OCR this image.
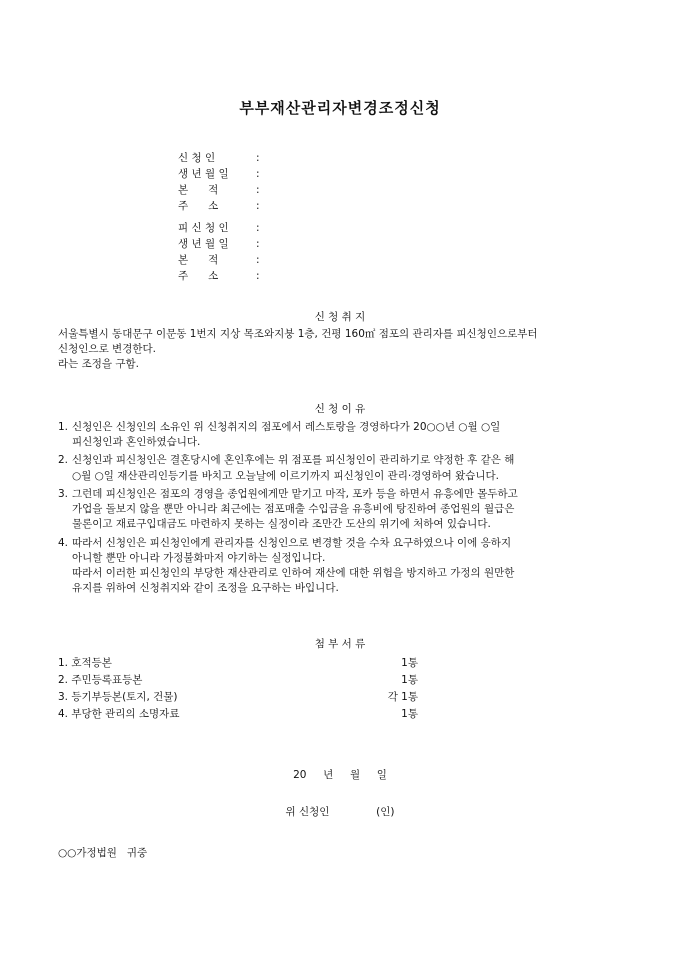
부부재산관리자변경조정신청
신 청 인	:
생 년 월 일	:
본      적	:
주      소	:
피 신 청 인	:
생 년 월 일	:
본      적	:
주      소	:
신 청 취 지
서울특별시 동대문구 이문동 1번지 지상 목조와지붕 1층, 건평 160㎡ 점포의 관리자를 피신청인으로부터
신청인으로 변경한다.
라는 조정을 구함.
신 청 이 유
1. 신청인은 신청인의 소유인 위 신청취지의 점포에서 레스토랑을 경영하다가 20○○년 ○월 ○일
피신청인과 혼인하였습니다.
2. 신청인과 피신청인은 결혼당시에 혼인후에는 위 점포를 피신청인이 관리하기로 약정한 후 같은 해
○월 ○일 재산관리인등기를 바치고 오늘날에 이르기까지 피신청인이 관리·경영하여 왔습니다.
3. 그런데 피신청인은 점포의 경영을 종업원에게만 맡기고 마작, 포카 등을 하면서 유흥에만 몰두하고
가업을 돌보지 않을 뿐만 아니라 최근에는 점포매출 수입금을 유흥비에 탕진하여 종업원의 월급은
물론이고 재료구입대금도 마련하지 못하는 실정이라 조만간 도산의 위기에 처하여 있습니다.
4. 따라서 신청인은 피신청인에게 관리자를 신청인으로 변경할 것을 수차 요구하였으나 이에 응하지
아니할 뿐만 아니라 가정불화마저 야기하는 실정입니다.
따라서 이러한 피신청인의 부당한 재산관리로 인하여 재산에 대한 위험을 방지하고 가정의 원만한
유지를 위하여 신청취지와 같이 조정을 요구하는 바입니다.
첨 부 서 류
1. 호적등본	1통
2. 주민등록표등본	1통
3. 등기부등본(토지, 건물)	각 1통
4. 부당한 관리의 소명자료	1통
20     년     월     일
위 신청인              (인)
○○가정법원   귀중
